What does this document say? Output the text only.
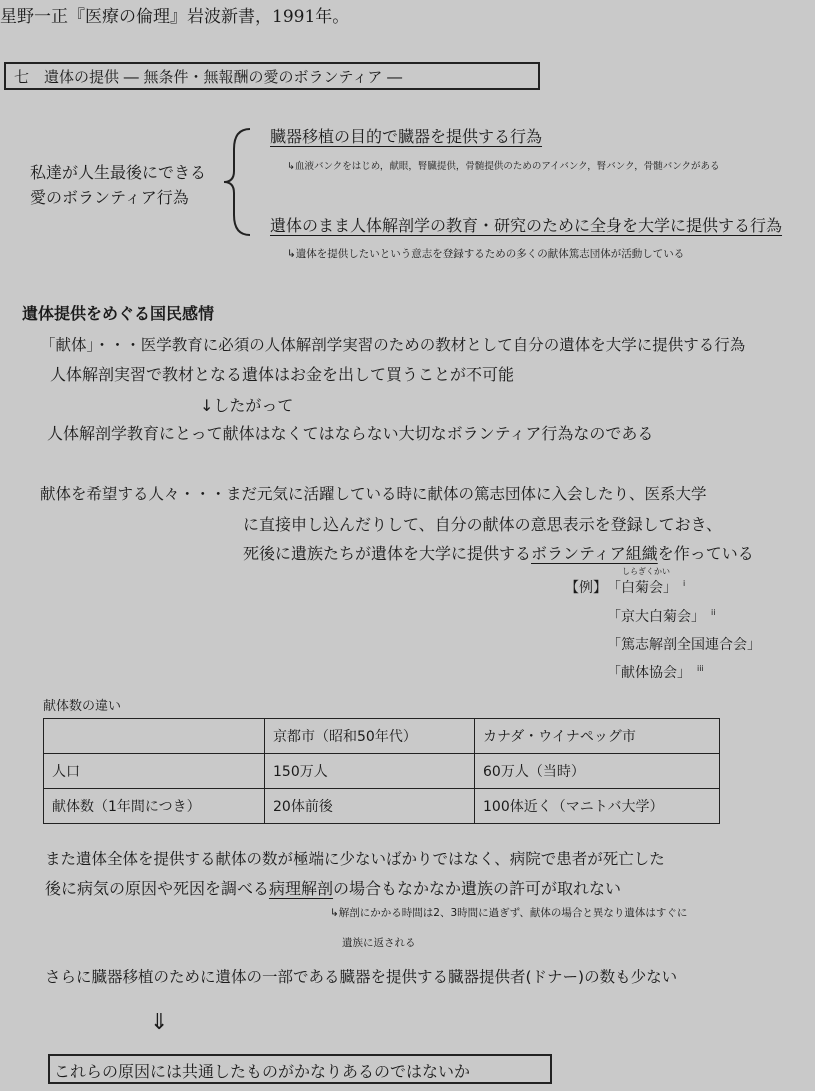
星野一正『医療の倫理』岩波新書，1991年。
七　遺体の提供 ― 無条件・無報酬の愛のボランティア ―
私達が人生最後にできる
愛のボランティア行為
臓器移植の目的で臓器を提供する行為
↳血液バンクをはじめ，献眼，腎臓提供，骨髄提供のためのアイバンク，腎バンク，骨髄バンクがある
遺体のまま人体解剖学の教育・研究のために全身を大学に提供する行為
↳遺体を提供したいという意志を登録するための多くの献体篤志団体が活動している
遺体提供をめぐる国民感情
「献体」・・・医学教育に必須の人体解剖学実習のための教材として自分の遺体を大学に提供する行為
人体解剖実習で教材となる遺体はお金を出して買うことが不可能
↓したがって
人体解剖学教育にとって献体はなくてはならない大切なボランティア行為なのである
献体を希望する人々・・・まだ元気に活躍している時に献体の篤志団体に入会したり、医系大学
に直接申し込んだりして、自分の献体の意思表示を登録しておき、
死後に遺族たちが遺体を大学に提供するボランティア組織を作っている
しらぎくかい
【例】 「白菊会」 $^i$
「京大白菊会」 $^{ii}$
「篤志解剖全国連合会」
「献体協会」 $^{iii}$
献体数の違い
	京都市（昭和50年代）	カナダ・ウイナペッグ市
人口	150万人	60万人（当時）
献体数（1年間につき）	20体前後	100体近く（マニトバ大学）
また遺体全体を提供する献体の数が極端に少ないばかりではなく、病院で患者が死亡した
後に病気の原因や死因を調べる病理解剖の場合もなかなか遺族の許可が取れない
↳解剖にかかる時間は2、3時間に過ぎず、献体の場合と異なり遺体はすぐに
遺族に返される
さらに臓器移植のために遺体の一部である臓器を提供する臓器提供者(ドナー)の数も少ない
⇓
これらの原因には共通したものがかなりあるのではないか
